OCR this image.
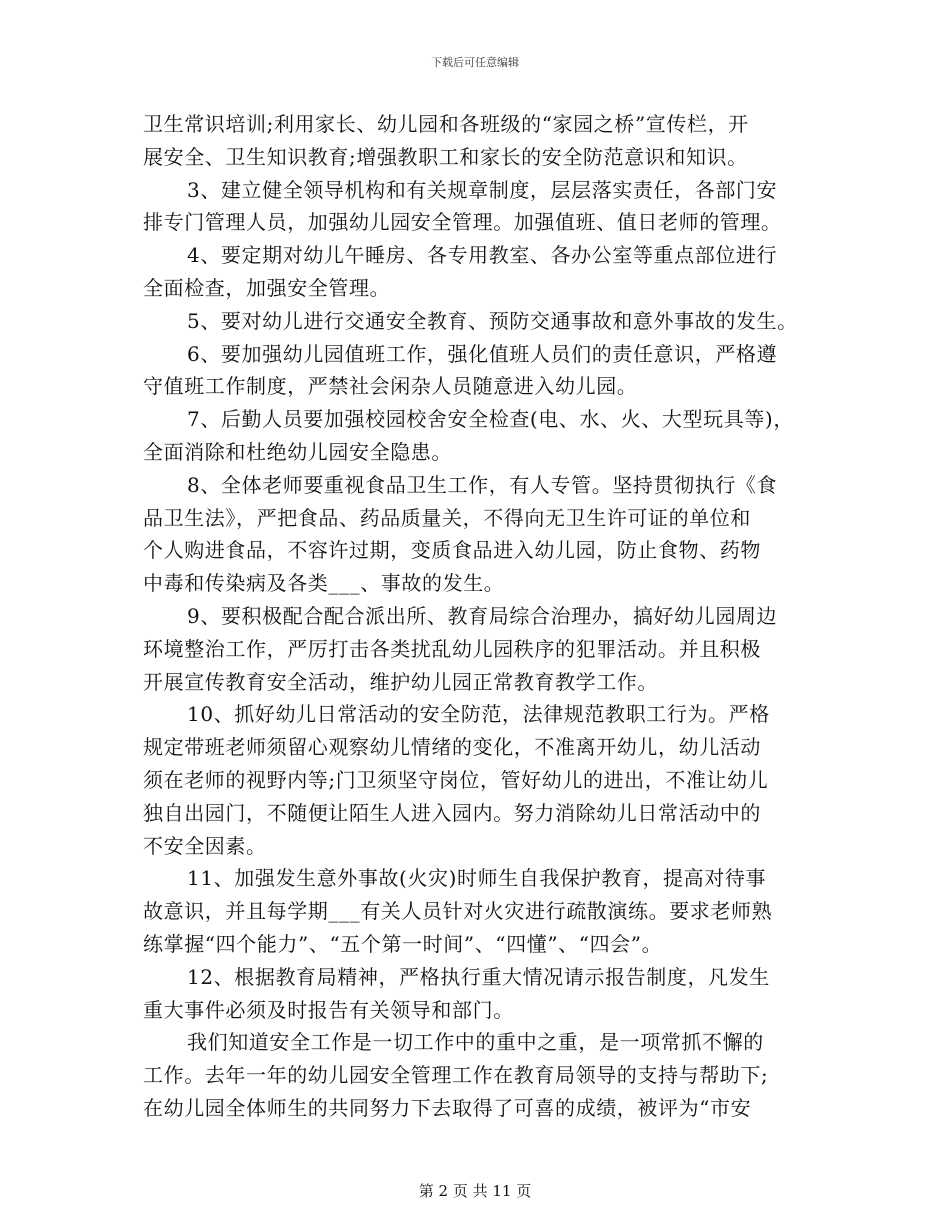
下载后可任意编辑
卫生常识培训;利用家长、幼儿园和各班级的“家园之桥”宣传栏，开
展安全、卫生知识教育;增强教职工和家长的安全防范意识和知识。
3、建立健全领导机构和有关规章制度，层层落实责任，各部门安
排专门管理人员，加强幼儿园安全管理。加强值班、值日老师的管理。
4、要定期对幼儿午睡房、各专用教室、各办公室等重点部位进行
全面检查，加强安全管理。
5、要对幼儿进行交通安全教育、预防交通事故和意外事故的发生。
6、要加强幼儿园值班工作，强化值班人员们的责任意识，严格遵
守值班工作制度，严禁社会闲杂人员随意进入幼儿园。
7、后勤人员要加强校园校舍安全检查(电、水、火、大型玩具等)，
全面消除和杜绝幼儿园安全隐患。
8、全体老师要重视食品卫生工作，有人专管。坚持贯彻执行《食
品卫生法》，严把食品、药品质量关，不得向无卫生许可证的单位和
个人购进食品，不容许过期，变质食品进入幼儿园，防止食物、药物
中毒和传染病及各类___、事故的发生。
9、要积极配合配合派出所、教育局综合治理办，搞好幼儿园周边
环境整治工作，严厉打击各类扰乱幼儿园秩序的犯罪活动。并且积极
开展宣传教育安全活动，维护幼儿园正常教育教学工作。
10、抓好幼儿日常活动的安全防范，法律规范教职工行为。严格
规定带班老师须留心观察幼儿情绪的变化，不准离开幼儿，幼儿活动
须在老师的视野内等;门卫须坚守岗位，管好幼儿的进出，不准让幼儿
独自出园门，不随便让陌生人进入园内。努力消除幼儿日常活动中的
不安全因素。
11、加强发生意外事故(火灾)时师生自我保护教育，提高对待事
故意识，并且每学期___有关人员针对火灾进行疏散演练。要求老师熟
练掌握“四个能力”、“五个第一时间”、“四懂”、“四会”。
12、根据教育局精神，严格执行重大情况请示报告制度，凡发生
重大事件必须及时报告有关领导和部门。
我们知道安全工作是一切工作中的重中之重，是一项常抓不懈的
工作。去年一年的幼儿园安全管理工作在教育局领导的支持与帮助下;
在幼儿园全体师生的共同努力下去取得了可喜的成绩，被评为“市安
第 2 页 共 11 页
